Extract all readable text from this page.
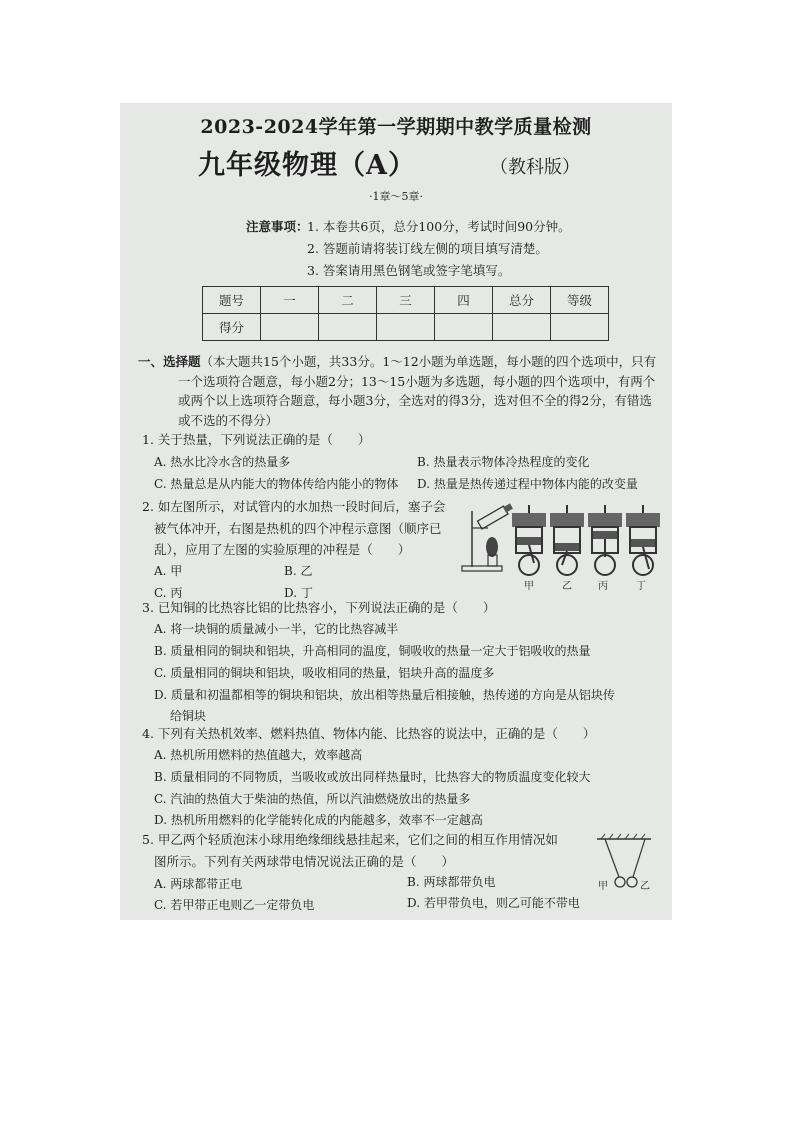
2023-2024学年第一学期期中教学质量检测
九年级物理（A）	（教科版）
·1章～5章·
注意事项：
1. 本卷共6页，总分100分，考试时间90分钟。
2. 答题前请将装订线左侧的项目填写清楚。
3. 答案请用黑色钢笔或签字笔填写。
题号	一	二	三	四	总分	等级
得分						
一、选择题（本大题共15个小题，共33分。1～12小题为单选题，每小题的四个选项中，只有一个选项符合题意，每小题2分；13～15小题为多选题，每小题的四个选项中，有两个或两个以上选项符合题意，每小题3分，全选对的得3分，选对但不全的得2分，有错选或不选的不得分）
1. 关于热量，下列说法正确的是（　　）
A. 热水比冷水含的热量多	B. 热量表示物体冷热程度的变化
C. 热量总是从内能大的物体传给内能小的物体 D. 热量是热传递过程中物体内能的改变量
2. 如左图所示，对试管内的水加热一段时间后，塞子会
被气体冲开，右图是热机的四个冲程示意图（顺序已
乱），应用了左图的实验原理的冲程是（　　）
A. 甲	B. 乙
C. 丙	D. 丁	甲	乙	丙	丁
3. 已知铜的比热容比铝的比热容小，下列说法正确的是（　　）
A. 将一块铜的质量减小一半，它的比热容减半
B. 质量相同的铜块和铝块，升高相同的温度，铜吸收的热量一定大于铝吸收的热量
C. 质量相同的铜块和铝块，吸收相同的热量，铝块升高的温度多
D. 质量和初温都相等的铜块和铝块，放出相等热量后相接触，热传递的方向是从铝块传
给铜块
4. 下列有关热机效率、燃料热值、物体内能、比热容的说法中，正确的是（　　）
A. 热机所用燃料的热值越大，效率越高
B. 质量相同的不同物质，当吸收或放出同样热量时，比热容大的物质温度变化较大
C. 汽油的热值大于柴油的热值，所以汽油燃烧放出的热量多
D. 热机所用燃料的化学能转化成的内能越多，效率不一定越高
5. 甲乙两个轻质泡沫小球用绝缘细线悬挂起来，它们之间的相互作用情况如
图所示。下列有关两球带电情况说法正确的是（　　）
A. 两球都带正电	B. 两球都带负电
C. 若甲带正电则乙一定带负电	D. 若甲带负电，则乙可能不带电
甲	乙
